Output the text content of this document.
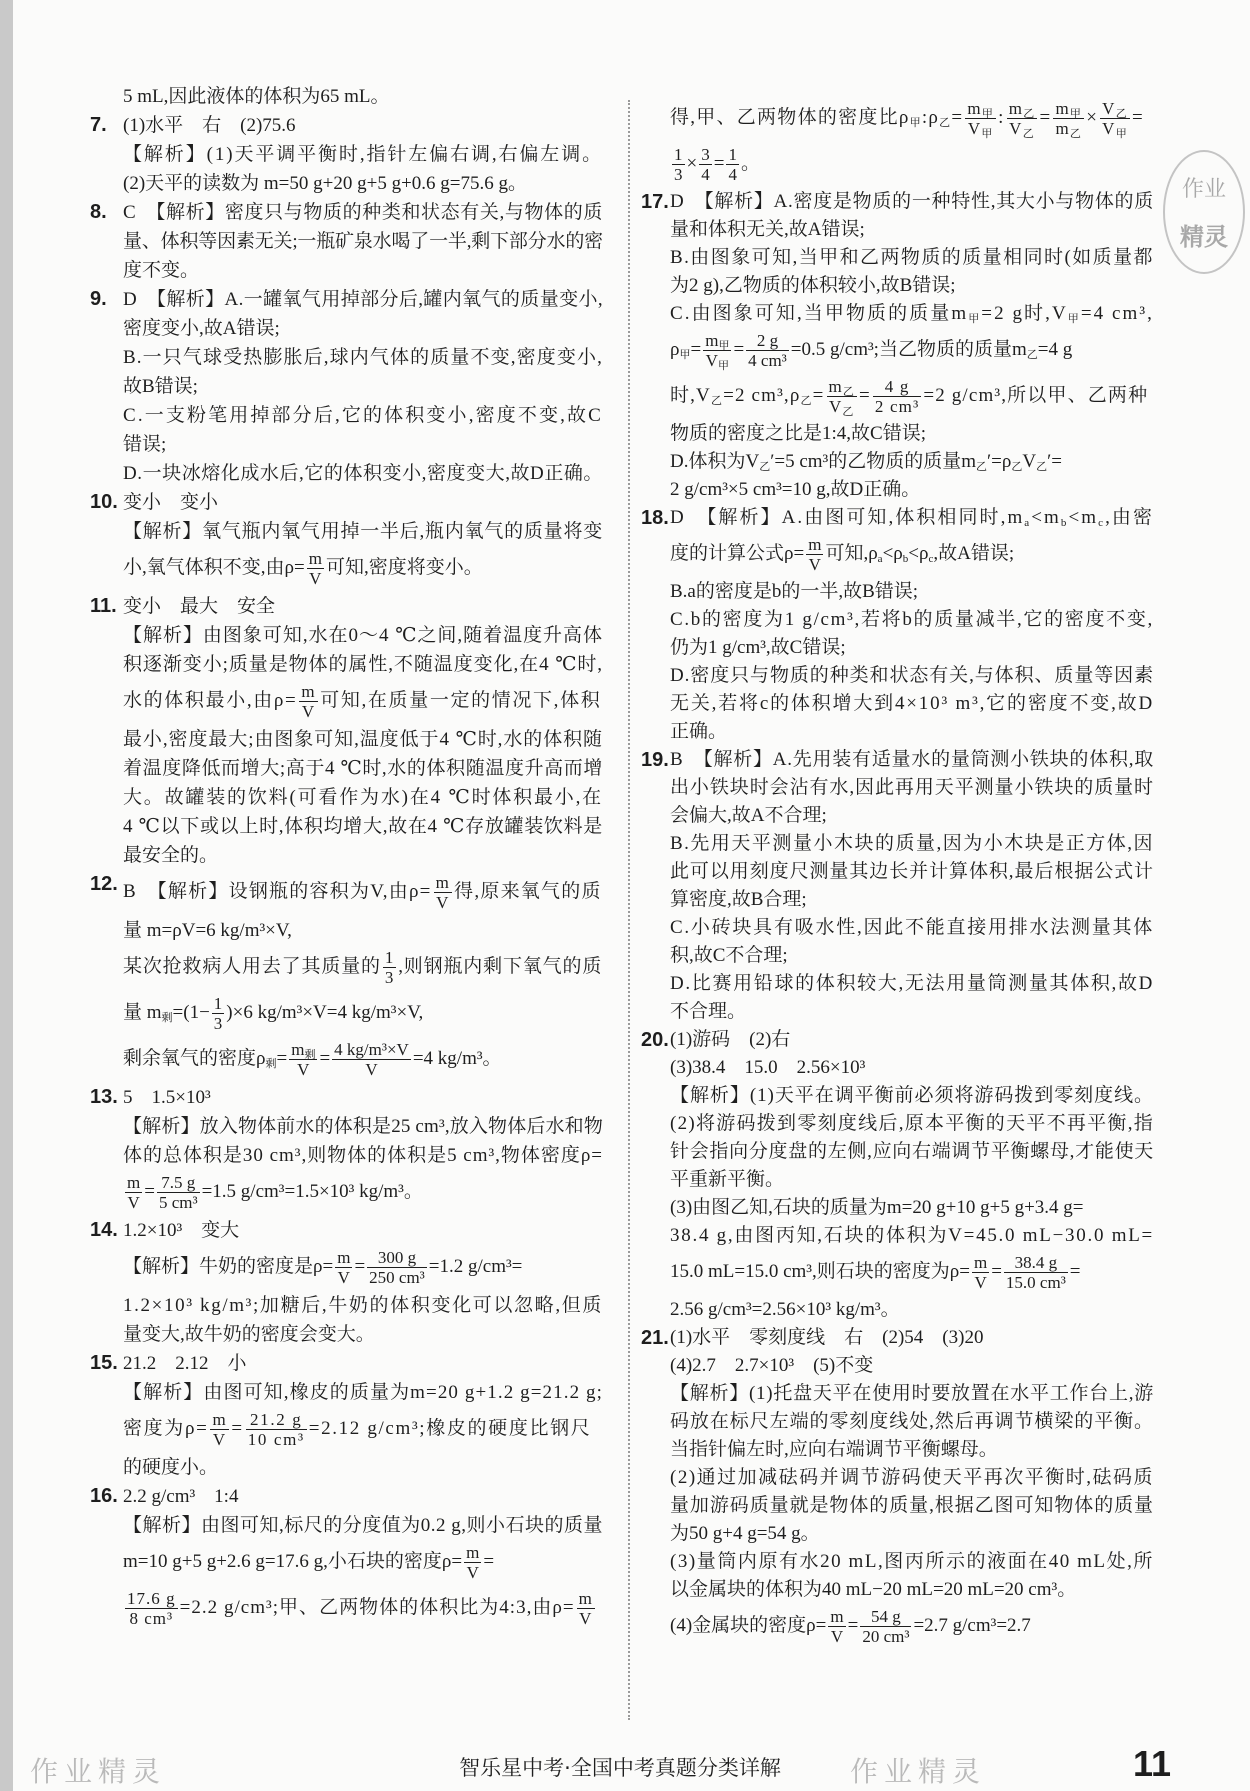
作业精灵	作业精灵
5 mL,因此液体的体积为65 mL。
7. (1)水平　右　(2)75.6
【解析】(1)天平调平衡时,指针左偏右调,右偏左调。
(2)天平的读数为 m=50 g+20 g+5 g+0.6 g=75.6 g。
8. C　【解析】密度只与物质的种类和状态有关,与物体的质
量、体积等因素无关;一瓶矿泉水喝了一半,剩下部分水的密
度不变。
9. D　【解析】A.一罐氧气用掉部分后,罐内氧气的质量变小,
密度变小,故A错误;
B.一只气球受热膨胀后,球内气体的质量不变,密度变小,
故B错误;
C.一支粉笔用掉部分后,它的体积变小,密度不变,故C
错误;
D.一块冰熔化成水后,它的体积变小,密度变大,故D正确。
10. 变小　变小
【解析】氧气瓶内氧气用掉一半后,瓶内氧气的质量将变
小,氧气体积不变,由$\rho= \frac{m}{V}$ 可知,密度将变小。
11. 变小　最大　安全
【解析】由图象可知,水在0～4 ℃之间,随着温度升高体
积逐渐变小;质量是物体的属性,不随温度变化,在4 ℃时,
水的体积最小,由$\rho= \frac{m}{V}$ 可知,在质量一定的情况下,体积
最小,密度最大;由图象可知,温度低于4 ℃时,水的体积随
着温度降低而增大;高于4 ℃时,水的体积随温度升高而增
大。故罐装的饮料(可看作为水)在4 ℃时体积最小,在
4 ℃以下或以上时,体积均增大,故在4 ℃存放罐装饮料是
最安全的。
12. B　【解析】设钢瓶的容积为V,由$\rho= \frac{m}{V}$ 得,原来氧气的质
量 m=ρV=6 kg/m³×V,
某次抢救病人用去了其质量的 $\frac{1}{3}$ ,则钢瓶内剩下氧气的质
量 $m_剩=(1- \frac{1}{3} )\times 6$ kg/m³×V=4 kg/m³×V,
剩余氧气的密度$\rho_剩= \frac{m_剩}{V} = \frac{\text{4 kg/m³×V}}{V} =4$ kg/m³。
13. 5　1.5×10³
【解析】放入物体前水的体积是25 cm³,放入物体后水和物
体的总体积是30 cm³,则物体的体积是5 cm³,物体密度ρ=
$\frac{m}{V} = \frac{7.5 g}{\text{5 cm³}} =1.5$ g/cm³=1.5×10³ kg/m³。
14. 1.2×10³　变大
【解析】牛奶的密度是$\rho= \frac{m}{V} = \frac{300 g}{\text{250 cm³}} =1.2$ g/cm³=
1.2×10³ kg/m³;加糖后,牛奶的体积变化可以忽略,但质
量变大,故牛奶的密度会变大。
15. 21.2　2.12　小
【解析】由图可知,橡皮的质量为m=20 g+1.2 g=21.2 g;
密度为$\rho= \frac{m}{V} = \frac{21.2 g}{\text{10 cm³}} =2.12$ g/cm³;橡皮的硬度比钢尺
的硬度小。
16. 2.2 g/cm³　1:4
【解析】由图可知,标尺的分度值为0.2 g,则小石块的质量
m=10 g+5 g+2.6 g=17.6 g,小石块的密度$\rho= \frac{m}{V}$ =
$\frac{17.6 g}{\text{8 cm³}} =2.2$ g/cm³;甲、乙两物体的体积比为4:3,由$\rho= \frac{m}{V}$
得,甲、乙两物体的密度比$\rho_甲:\rho_乙= \frac{m_甲}{V_甲}$ : $\frac{m_乙}{V_乙} = \frac{m_甲}{m_乙} \times \frac{V_乙}{V_甲}$ =
$\frac{1}{3} \times \frac{3}{4} = \frac{1}{4}$ 。
17. D　【解析】A.密度是物质的一种特性,其大小与物体的质
量和体积无关,故A错误;
B.由图象可知,当甲和乙两物质的质量相同时(如质量都
为2 g),乙物质的体积较小,故B错误;
C.由图象可知,当甲物质的质量$m_甲=2$ g时$,V_甲=4$ cm³,
$\rho_甲= \frac{m_甲}{V_甲} = \frac{2 g}{\text{4 cm³}} =0.5$ g/cm³;当乙物质的质量$m_乙=4$ g
时$,V_乙=2$ $cm^3,\rho_乙= \frac{m_乙}{V_乙} = \frac{4 g}{\text{2 cm³}} =2$ g/cm³,所以甲、乙两种
物质的密度之比是1:4,故C错误;
D.体积为$V_乙'=5$ cm³的乙物质的质量$m_乙'=\rho_乙V_乙'=$
2 g/cm³×5 cm³=10 g,故D正确。
18. D　【解析】A.由图可知,体积相同时$,m_a<m_b<m_c$,由密
度的计算公式$\rho= \frac{m}{V}$ 可知$,\rho_a<\rho_b<\rho_c$,故A错误;
B.a的密度是b的一半,故B错误;
C.b的密度为1 g/cm³,若将b的质量减半,它的密度不变,
仍为1 g/cm³,故C错误;
D.密度只与物质的种类和状态有关,与体积、质量等因素
无关,若将c的体积增大到4×10³ m³,它的密度不变,故D
正确。
19. B　【解析】A.先用装有适量水的量筒测小铁块的体积,取
出小铁块时会沾有水,因此再用天平测量小铁块的质量时
会偏大,故A不合理;
B.先用天平测量小木块的质量,因为小木块是正方体,因
此可以用刻度尺测量其边长并计算体积,最后根据公式计
算密度,故B合理;
C.小砖块具有吸水性,因此不能直接用排水法测量其体
积,故C不合理;
D.比赛用铅球的体积较大,无法用量筒测量其体积,故D
不合理。
20. (1)游码　(2)右
(3)38.4　15.0　2.56×10³
【解析】(1)天平在调平衡前必须将游码拨到零刻度线。
(2)将游码拨到零刻度线后,原本平衡的天平不再平衡,指
针会指向分度盘的左侧,应向右端调节平衡螺母,才能使天
平重新平衡。
(3)由图乙知,石块的质量为m=20 g+10 g+5 g+3.4 g=
38.4 g,由图丙知,石块的体积为V=45.0 mL−30.0 mL=
15.0 mL=15.0 cm³,则石块的密度为$\rho= \frac{m}{V} = \frac{38.4 g}{\text{15.0 cm³}}$ =
2.56 g/cm³=2.56×10³ kg/m³。
21. (1)水平　零刻度线　右　(2)54　(3)20
(4)2.7　2.7×10³　(5)不变
【解析】(1)托盘天平在使用时要放置在水平工作台上,游
码放在标尺左端的零刻度线处,然后再调节横梁的平衡。
当指针偏左时,应向右端调节平衡螺母。
(2)通过加减砝码并调节游码使天平再次平衡时,砝码质
量加游码质量就是物体的质量,根据乙图可知物体的质量
为50 g+4 g=54 g。
(3)量筒内原有水20 mL,图丙所示的液面在40 mL处,所
以金属块的体积为40 mL−20 mL=20 mL=20 cm³。
(4)金属块的密度$\rho= \frac{m}{V} = \frac{54 g}{\text{20 cm³}} =2.7$ g/cm³=2.7
作业
精灵
智乐星中考·全国中考真题分类详解	11
